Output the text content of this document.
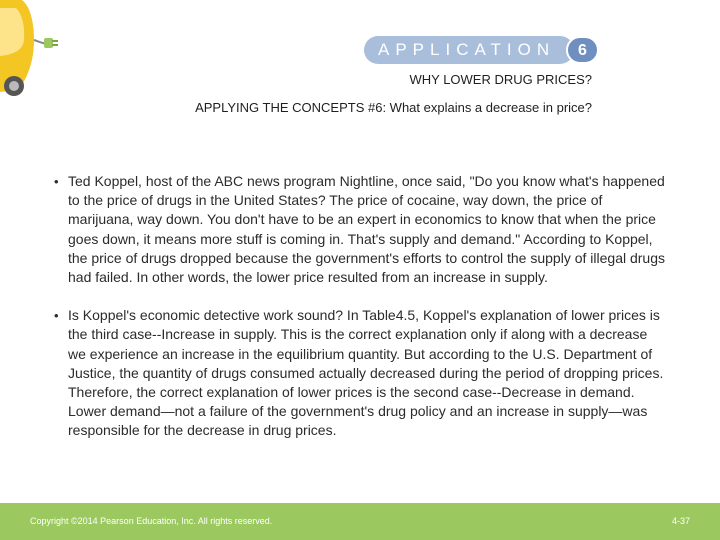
APPLICATION	6
WHY LOWER DRUG PRICES?
APPLYING THE CONCEPTS #6: What explains a decrease in price?
• Ted Koppel, host of the ABC news program Nightline, once said, "Do you know what's happened to the price of drugs in the United States? The price of cocaine, way down, the price of marijuana, way down. You don't have to be an expert in economics to know that when the price goes down, it means more stuff is coming in. That's supply and demand." According to Koppel, the price of drugs dropped because the government's efforts to control the supply of illegal drugs had failed. In other words, the lower price resulted from an increase in supply.
• Is Koppel's economic detective work sound? In Table4.5, Koppel's explanation of lower prices is the third case--Increase in supply. This is the correct explanation only if along with a decrease we experience an increase in the equilibrium quantity. But according to the U.S. Department of Justice, the quantity of drugs consumed actually decreased during the period of dropping prices. Therefore, the correct explanation of lower prices is the second case--Decrease in demand. Lower demand—not a failure of the government's drug policy and an increase in supply—was responsible for the decrease in drug prices.
Copyright ©2014 Pearson Education, Inc. All rights reserved.	4-37
